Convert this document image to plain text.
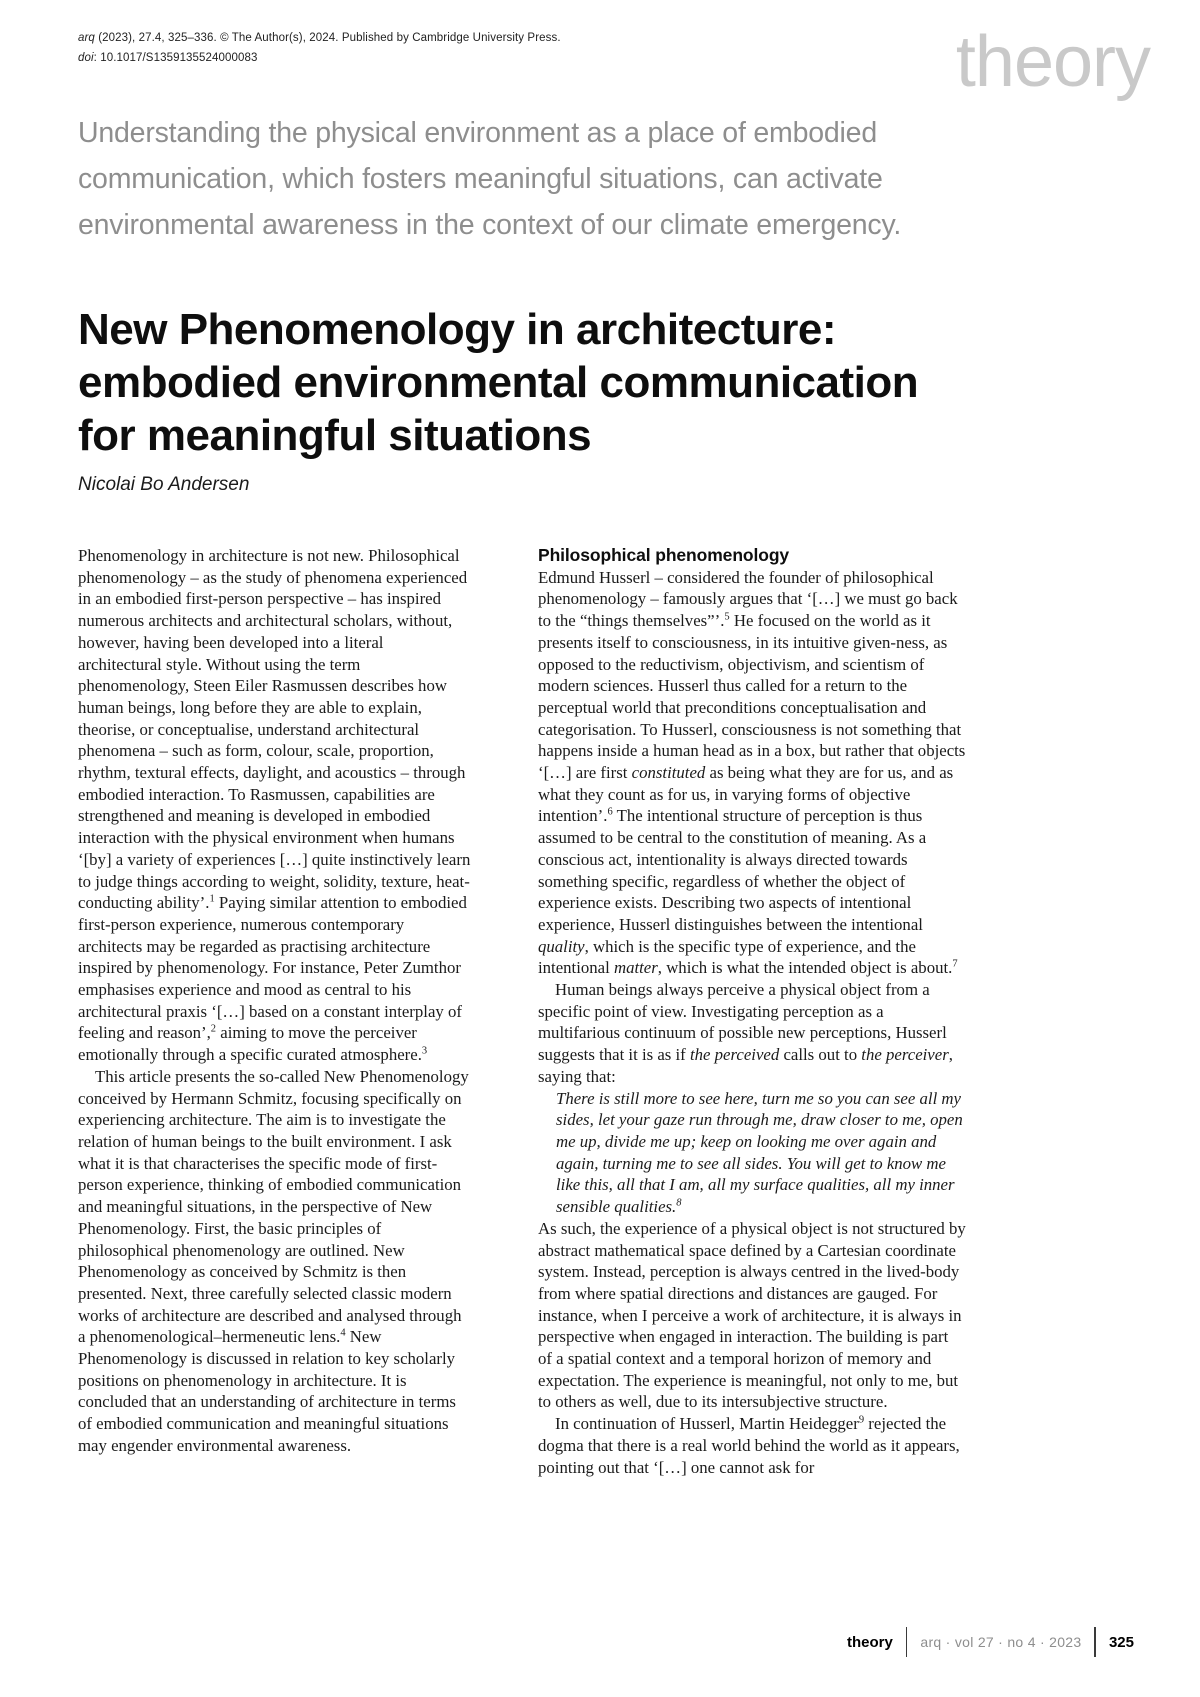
arq (2023), 27.4, 325–336. © The Author(s), 2024. Published by Cambridge University Press.
doi: 10.1017/S1359135524000083	theory
Understanding the physical environment as a place of embodied communication, which fosters meaningful situations, can activate environmental awareness in the context of our climate emergency.
New Phenomenology in architecture:
embodied environmental communication
for meaningful situations
Nicolai Bo Andersen

Phenomenology in architecture is not new. Philosophical phenomenology – as the study of phenomena experienced in an embodied first-person perspective – has inspired numerous architects and architectural scholars, without, however, having been developed into a literal architectural style. Without using the term phenomenology, Steen Eiler Rasmussen describes how human beings, long before they are able to explain, theorise, or conceptualise, understand architectural phenomena – such as form, colour, scale, proportion, rhythm, textural effects, daylight, and acoustics – through embodied interaction. To Rasmussen, capabilities are strengthened and meaning is developed in embodied interaction with the physical environment when humans ‘[by] a variety of experiences […] quite instinctively learn to judge things according to weight, solidity, texture, heat-conducting ability’.$^1$ Paying similar attention to embodied first-person experience, numerous contemporary architects may be regarded as practising architecture inspired by phenomenology. For instance, Peter Zumthor emphasises experience and mood as central to his architectural praxis ‘[…] based on a constant interplay of feeling and reason’,$^2$ aiming to move the perceiver emotionally through a specific curated atmosphere.$^3$

This article presents the so-called New Phenomenology conceived by Hermann Schmitz, focusing specifically on experiencing architecture. The aim is to investigate the relation of human beings to the built environment. I ask what it is that characterises the specific mode of first-person experience, thinking of embodied communication and meaningful situations, in the perspective of New Phenomenology. First, the basic principles of philosophical phenomenology are outlined. New Phenomenology as conceived by Schmitz is then presented. Next, three carefully selected classic modern works of architecture are described and analysed through a phenomenological–hermeneutic lens.$^4$ New Phenomenology is discussed in relation to key scholarly positions on phenomenology in architecture. It is concluded that an understanding of architecture in terms of embodied communication and meaningful situations may engender environmental awareness.

Philosophical phenomenology

Edmund Husserl – considered the founder of philosophical phenomenology – famously argues that ‘[…] we must go back to the “things themselves”’.$^5$ He focused on the world as it presents itself to consciousness, in its intuitive given-ness, as opposed to the reductivism, objectivism, and scientism of modern sciences. Husserl thus called for a return to the perceptual world that preconditions conceptualisation and categorisation. To Husserl, consciousness is not something that happens inside a human head as in a box, but rather that objects ‘[…] are first constituted as being what they are for us, and as what they count as for us, in varying forms of objective intention’.$^6$ The intentional structure of perception is thus assumed to be central to the constitution of meaning. As a conscious act, intentionality is always directed towards something specific, regardless of whether the object of experience exists. Describing two aspects of intentional experience, Husserl distinguishes between the intentional quality, which is the specific type of experience, and the intentional matter, which is what the intended object is about.$^7$

Human beings always perceive a physical object from a specific point of view. Investigating perception as a multifarious continuum of possible new perceptions, Husserl suggests that it is as if the perceived calls out to the perceiver, saying that:

There is still more to see here, turn me so you can see all my sides, let your gaze run through me, draw closer to me, open me up, divide me up; keep on looking me over again and again, turning me to see all sides. You will get to know me like this, all that I am, all my surface qualities, all my inner sensible qualities.$^8$

As such, the experience of a physical object is not structured by abstract mathematical space defined by a Cartesian coordinate system. Instead, perception is always centred in the lived-body from where spatial directions and distances are gauged. For instance, when I perceive a work of architecture, it is always in perspective when engaged in interaction. The building is part of a spatial context and a temporal horizon of memory and expectation. The experience is meaningful, not only to me, but to others as well, due to its intersubjective structure.

In continuation of Husserl, Martin Heidegger$^9$ rejected the dogma that there is a real world behind the world as it appears, pointing out that ‘[…] one cannot ask for

theory arq · vol 27 · no 4 · 2023 325
